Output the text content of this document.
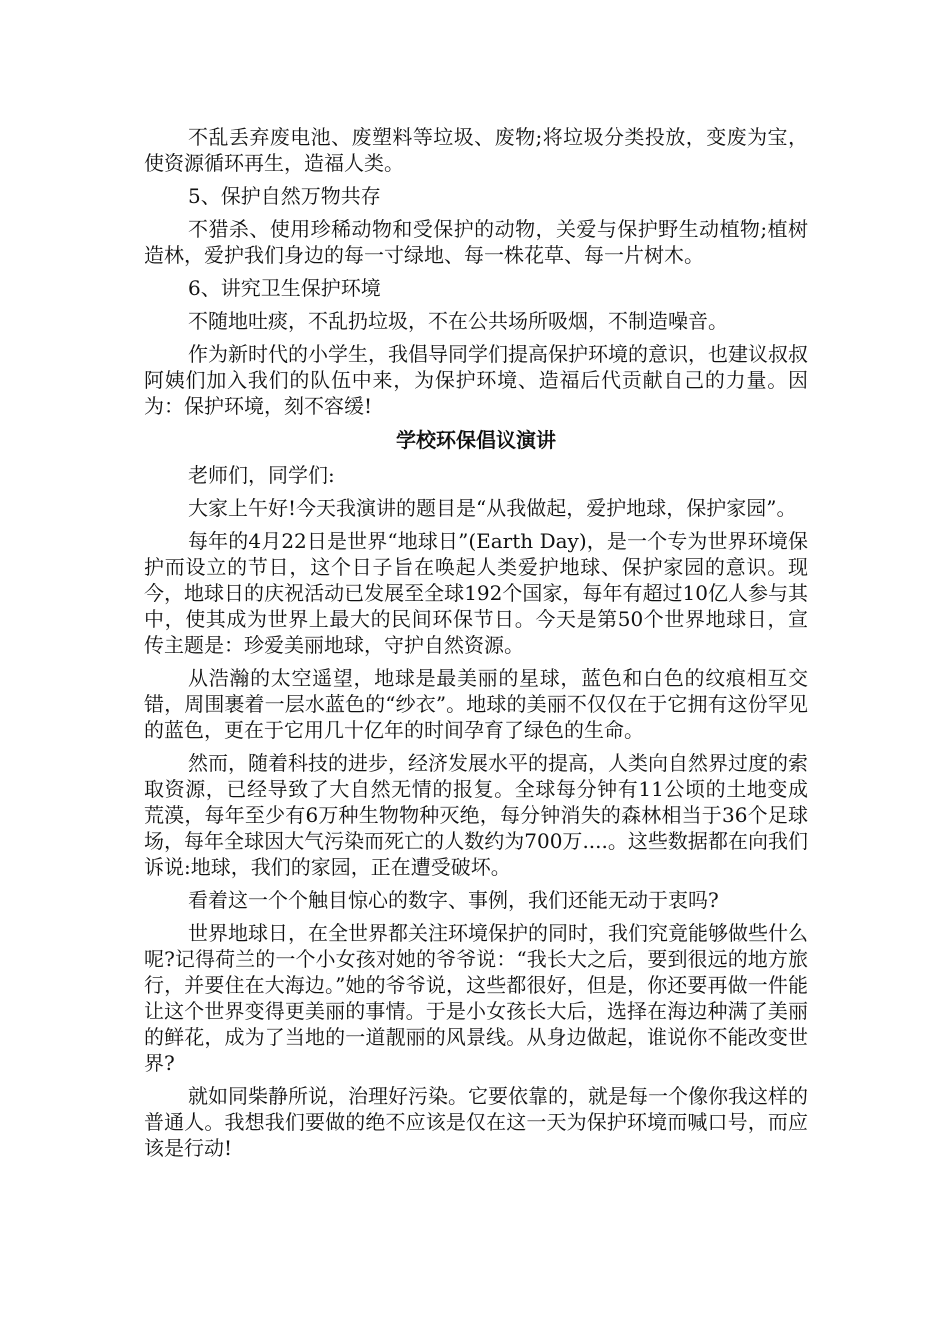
不乱丢弃废电池、废塑料等垃圾、废物;将垃圾分类投放，变废为宝，使资源循环再生，造福人类。

5、保护自然万物共存

不猎杀、使用珍稀动物和受保护的动物，关爱与保护野生动植物;植树造林，爱护我们身边的每一寸绿地、每一株花草、每一片树木。

6、讲究卫生保护环境

不随地吐痰，不乱扔垃圾，不在公共场所吸烟，不制造噪音。

作为新时代的小学生，我倡导同学们提高保护环境的意识，也建议叔叔阿姨们加入我们的队伍中来，为保护环境、造福后代贡献自己的力量。因为：保护环境，刻不容缓!

学校环保倡议演讲

老师们，同学们:

大家上午好!今天我演讲的题目是“从我做起，爱护地球，保护家园”。

每年的4月22日是世界“地球日”(Earth Day)，是一个专为世界环境保护而设立的节日，这个日子旨在唤起人类爱护地球、保护家园的意识。现今，地球日的庆祝活动已发展至全球192个国家，每年有超过10亿人参与其中，使其成为世界上最大的民间环保节日。今天是第50个世界地球日，宣传主题是：珍爱美丽地球，守护自然资源。

从浩瀚的太空遥望，地球是最美丽的星球，蓝色和白色的纹痕相互交错，周围裹着一层水蓝色的“纱衣”。地球的美丽不仅仅在于它拥有这份罕见的蓝色，更在于它用几十亿年的时间孕育了绿色的生命。

然而，随着科技的进步，经济发展水平的提高，人类向自然界过度的索取资源，已经导致了大自然无情的报复。全球每分钟有11公顷的土地变成荒漠，每年至少有6万种生物物种灭绝，每分钟消失的森林相当于36个足球场，每年全球因大气污染而死亡的人数约为700万....。这些数据都在向我们诉说:地球，我们的家园，正在遭受破坏。

看着这一个个触目惊心的数字、事例，我们还能无动于衷吗?

世界地球日，在全世界都关注环境保护的同时，我们究竟能够做些什么呢?记得荷兰的一个小女孩对她的爷爷说：“我长大之后，要到很远的地方旅行，并要住在大海边。”她的爷爷说，这些都很好，但是，你还要再做一件能让这个世界变得更美丽的事情。于是小女孩长大后，选择在海边种满了美丽的鲜花，成为了当地的一道靓丽的风景线。从身边做起，谁说你不能改变世界?

就如同柴静所说，治理好污染。它要依靠的，就是每一个像你我这样的普通人。我想我们要做的绝不应该是仅在这一天为保护环境而喊口号，而应该是行动!
